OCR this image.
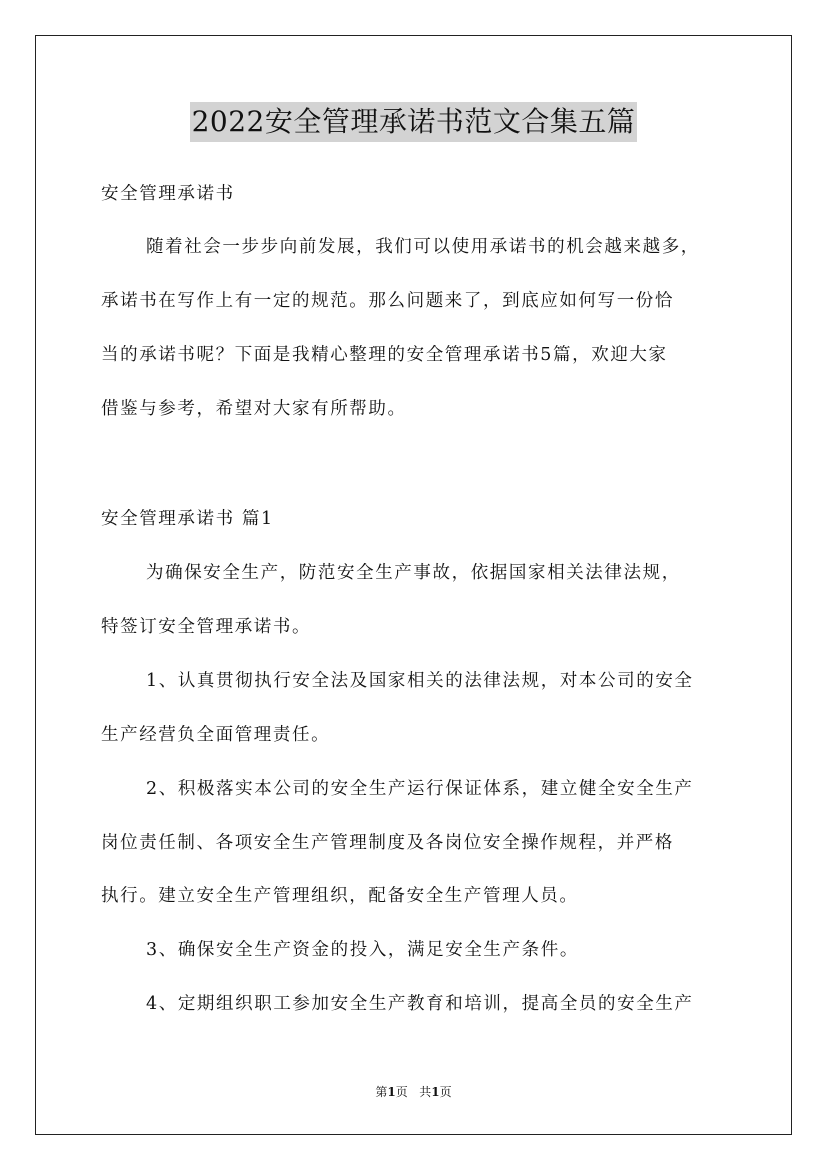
2022安全管理承诺书范文合集五篇
安全管理承诺书
随着社会一步步向前发展，我们可以使用承诺书的机会越来越多，
承诺书在写作上有一定的规范。那么问题来了，到底应如何写一份恰
当的承诺书呢？下面是我精心整理的安全管理承诺书5篇，欢迎大家
借鉴与参考，希望对大家有所帮助。
安全管理承诺书 篇1
为确保安全生产，防范安全生产事故，依据国家相关法律法规，
特签订安全管理承诺书。
1、认真贯彻执行安全法及国家相关的法律法规，对本公司的安全
生产经营负全面管理责任。
2、积极落实本公司的安全生产运行保证体系，建立健全安全生产
岗位责任制、各项安全生产管理制度及各岗位安全操作规程，并严格
执行。建立安全生产管理组织，配备安全生产管理人员。
3、确保安全生产资金的投入，满足安全生产条件。
4、定期组织职工参加安全生产教育和培训，提高全员的安全生产
第1页 共1页
